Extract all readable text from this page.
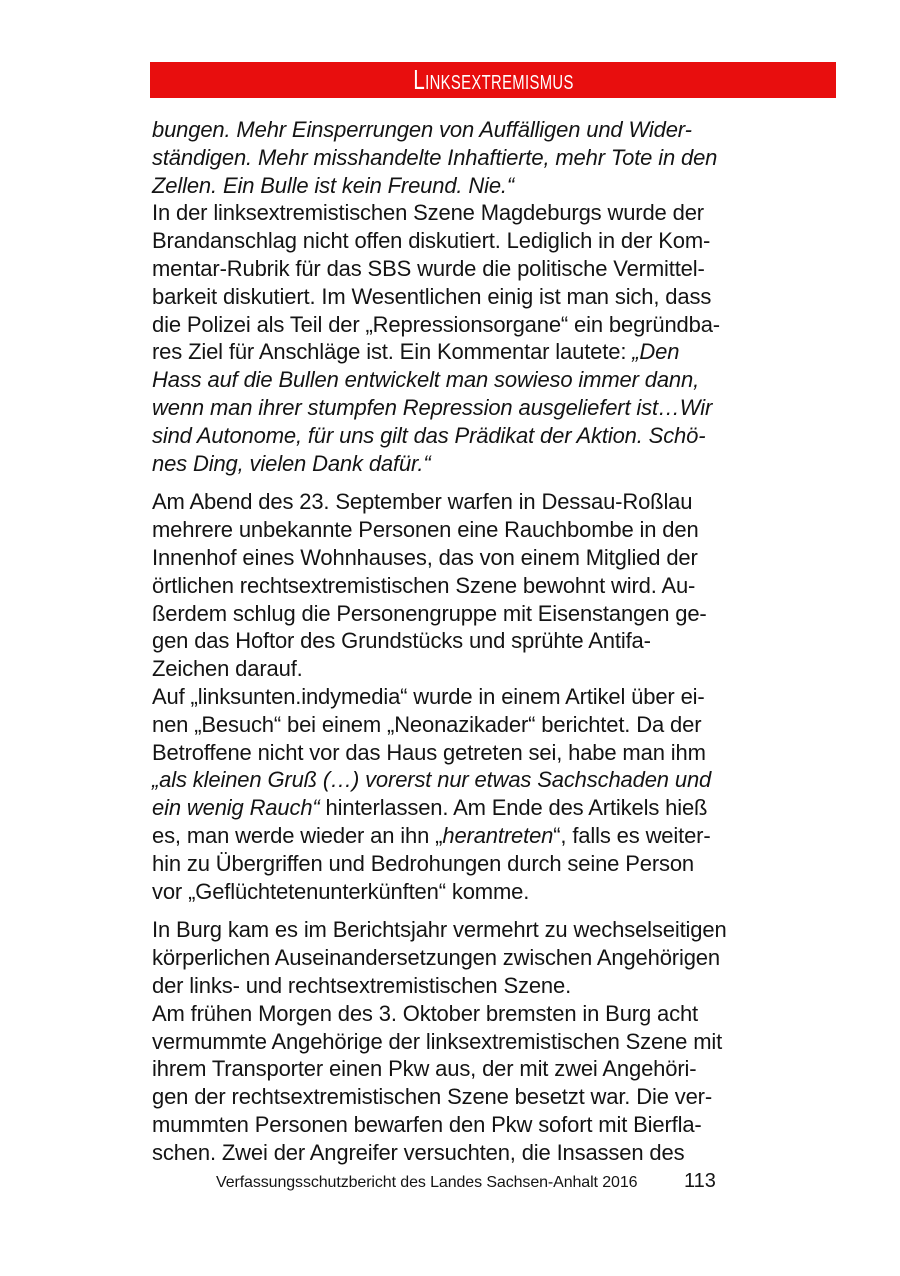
Linksextremismus
bungen. Mehr Einsperrungen von Auffälligen und Wider-
ständigen. Mehr misshandelte Inhaftierte, mehr Tote in den
Zellen. Ein Bulle ist kein Freund. Nie.“
In der linksextremistischen Szene Magdeburgs wurde der
Brandanschlag nicht offen diskutiert. Lediglich in der Kom-
mentar-Rubrik für das SBS wurde die politische Vermittel-
barkeit diskutiert. Im Wesentlichen einig ist man sich, dass
die Polizei als Teil der „Repressionsorgane“ ein begründba-
res Ziel für Anschläge ist. Ein Kommentar lautete: „Den
Hass auf die Bullen entwickelt man sowieso immer dann,
wenn man ihrer stumpfen Repression ausgeliefert ist…Wir
sind Autonome, für uns gilt das Prädikat der Aktion. Schö-
nes Ding, vielen Dank dafür.“
Am Abend des 23. September warfen in Dessau-Roßlau
mehrere unbekannte Personen eine Rauchbombe in den
Innenhof eines Wohnhauses, das von einem Mitglied der
örtlichen rechtsextremistischen Szene bewohnt wird. Au-
ßerdem schlug die Personengruppe mit Eisenstangen ge-
gen das Hoftor des Grundstücks und sprühte Antifa-
Zeichen darauf.
Auf „linksunten.indymedia“ wurde in einem Artikel über ei-
nen „Besuch“ bei einem „Neonazikader“ berichtet. Da der
Betroffene nicht vor das Haus getreten sei, habe man ihm
„als kleinen Gruß (…) vorerst nur etwas Sachschaden und
ein wenig Rauch“ hinterlassen. Am Ende des Artikels hieß
es, man werde wieder an ihn „herantreten“, falls es weiter-
hin zu Übergriffen und Bedrohungen durch seine Person
vor „Geflüchtetenunterkünften“ komme.
In Burg kam es im Berichtsjahr vermehrt zu wechselseitigen
körperlichen Auseinandersetzungen zwischen Angehörigen
der links- und rechtsextremistischen Szene.
Am frühen Morgen des 3. Oktober bremsten in Burg acht
vermummte Angehörige der linksextremistischen Szene mit
ihrem Transporter einen Pkw aus, der mit zwei Angehöri-
gen der rechtsextremistischen Szene besetzt war. Die ver-
mummten Personen bewarfen den Pkw sofort mit Bierfla-
schen. Zwei der Angreifer versuchten, die Insassen des
Verfassungsschutzbericht des Landes Sachsen-Anhalt 2016 113
